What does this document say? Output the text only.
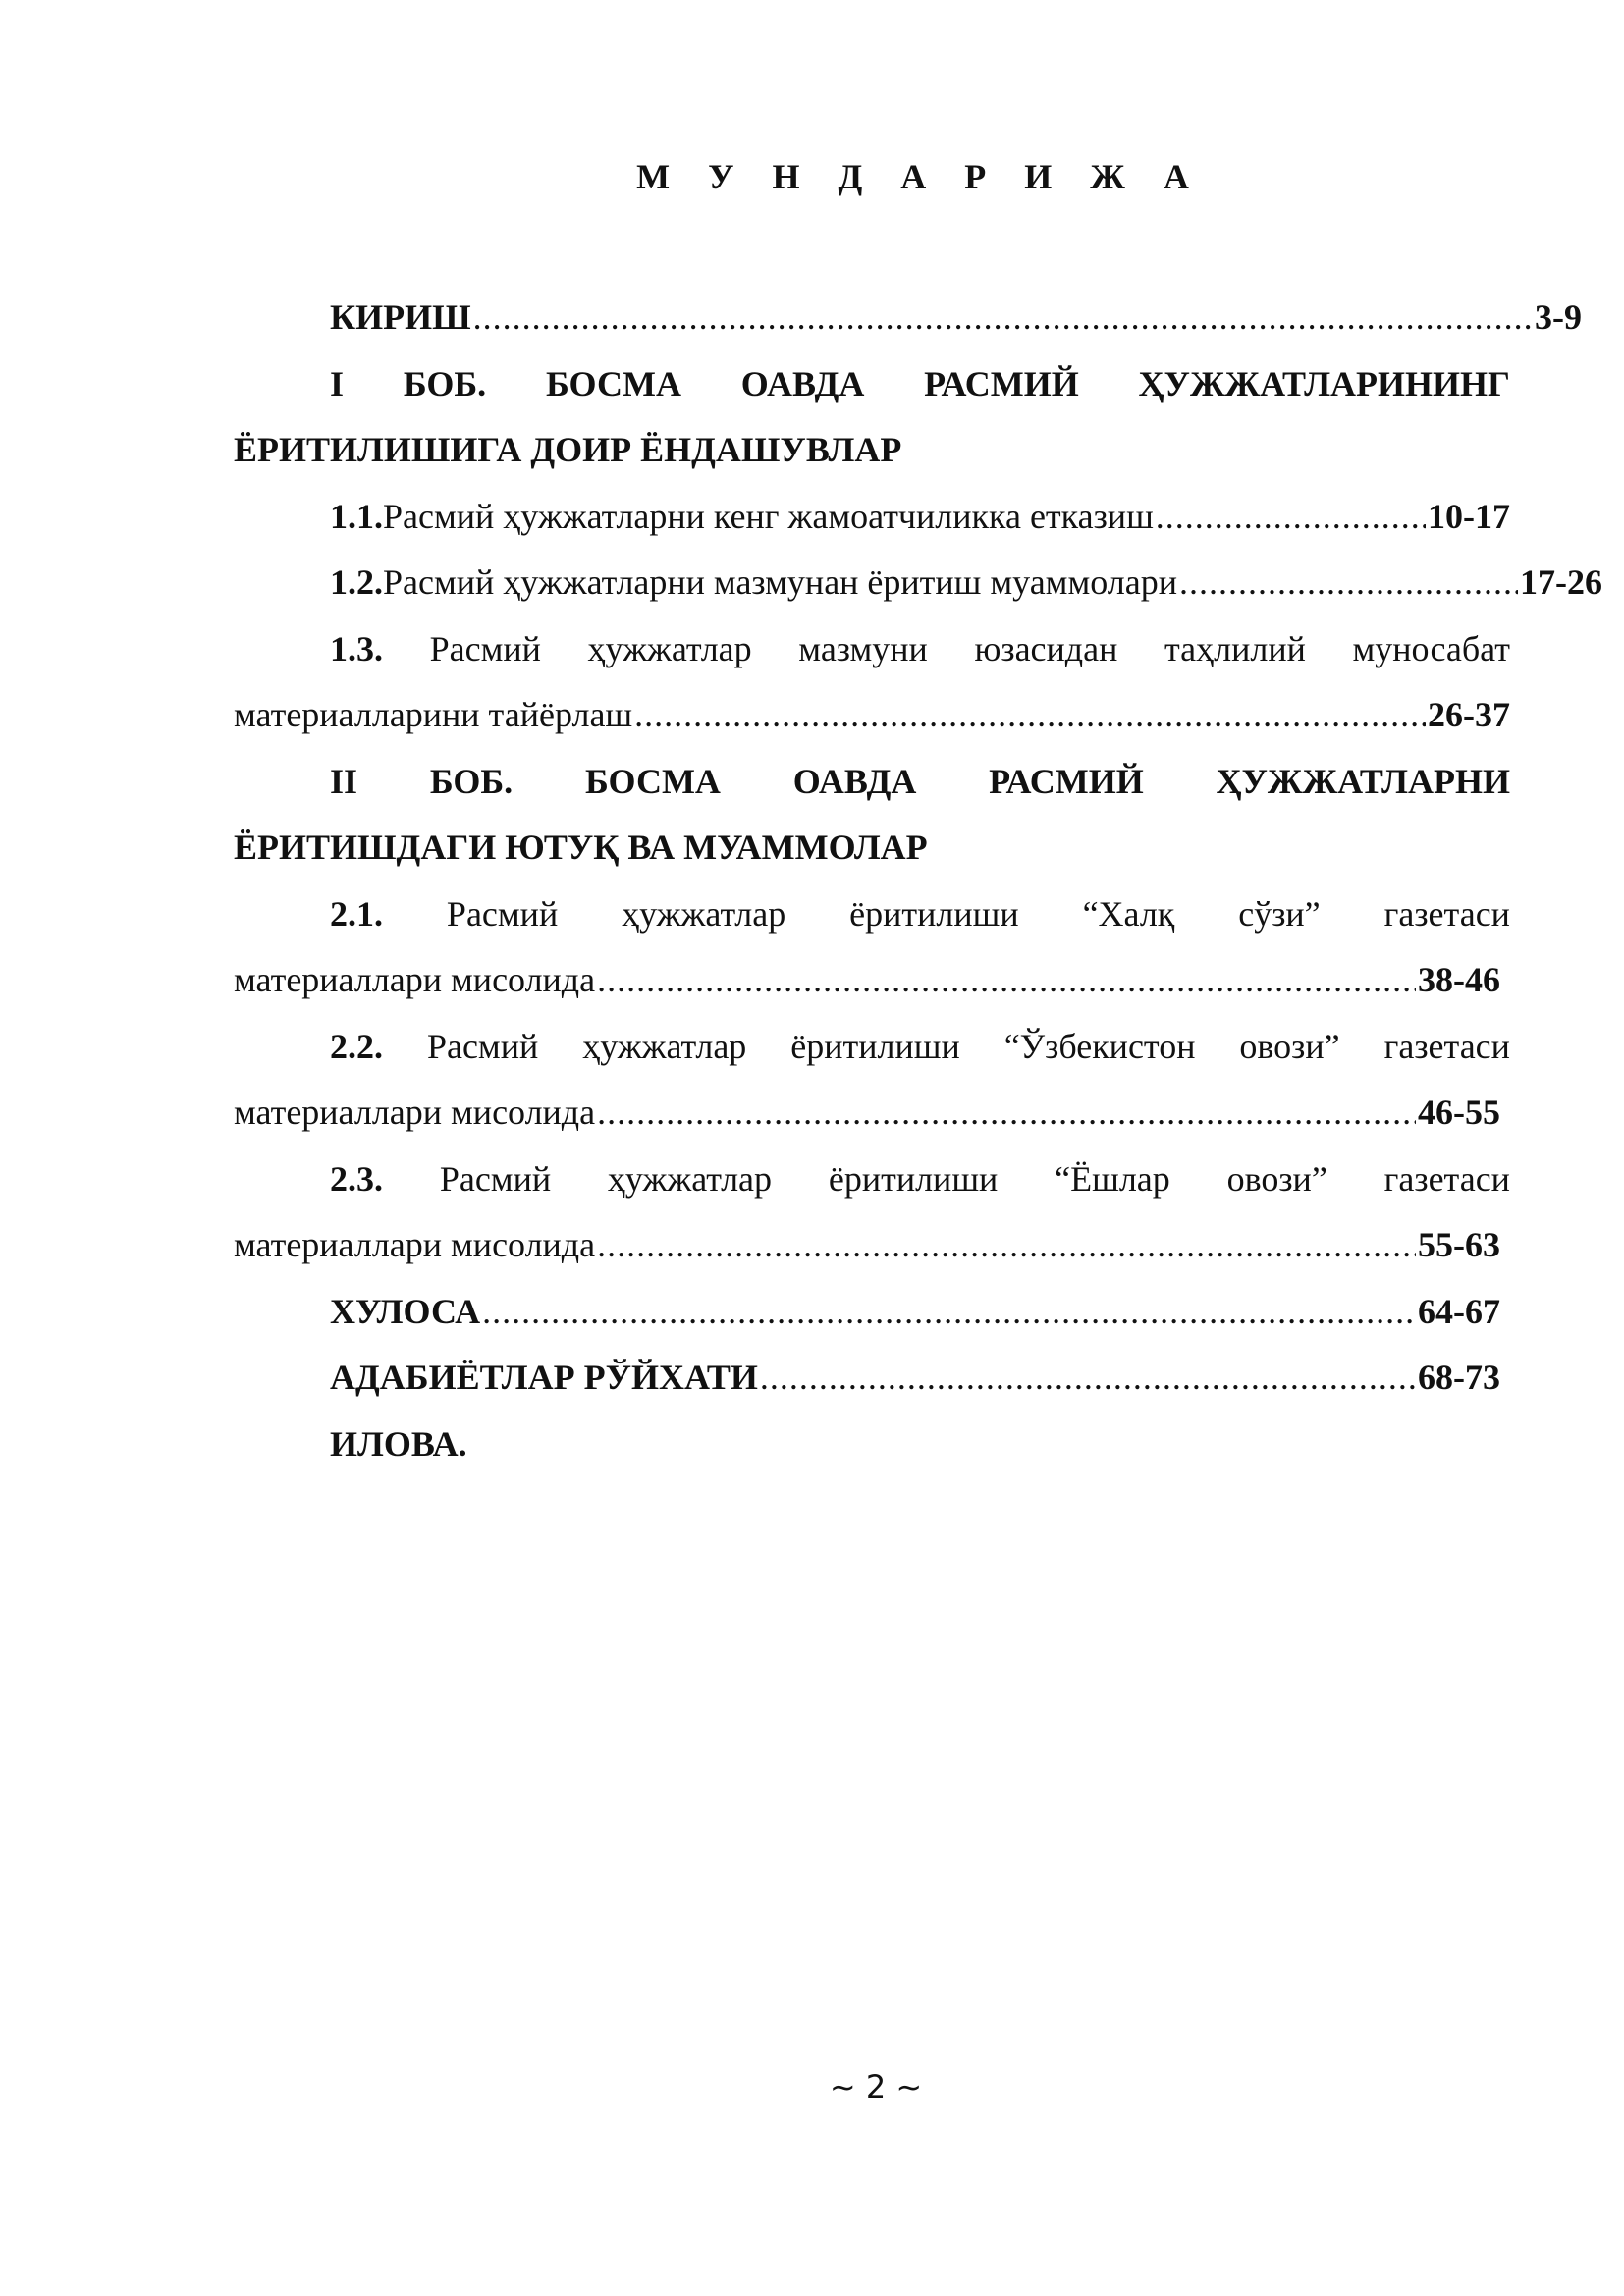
М У Н Д А Р И Ж А
КИРИШ .....	3-9
I БОБ. БОСМА ОАВДА РАСМИЙ ҲУЖЖАТЛАРИНИНГ
ЁРИТИЛИШИГА ДОИР ЁНДАШУВЛАР
1.1. Расмий ҳужжатларни кенг жамоатчиликка етказиш .....	10-17
1.2. Расмий ҳужжатларни мазмунан ёритиш муаммолари .....	17-26
1.3. Расмий ҳужжатлар мазмуни юзасидан таҳлилий муносабат
материалларини тайёрлаш .....	26-37
II БОБ. БОСМА ОАВДА РАСМИЙ ҲУЖЖАТЛАРНИ
ЁРИТИШДАГИ ЮТУҚ ВА МУАММОЛАР
2.1. Расмий ҳужжатлар ёритилиши “Халқ сўзи” газетаси
материаллари мисолида .....	38-46
2.2. Расмий ҳужжатлар ёритилиши “Ўзбекистон овози” газетаси
материаллари мисолида .....	46-55
2.3. Расмий ҳужжатлар ёритилиши “Ёшлар овози” газетаси
материаллари мисолида .....	55-63
ХУЛОСА .....	64-67
АДАБИЁТЛАР РЎЙХАТИ .....	68-73
ИЛОВА.
~ 2 ~
